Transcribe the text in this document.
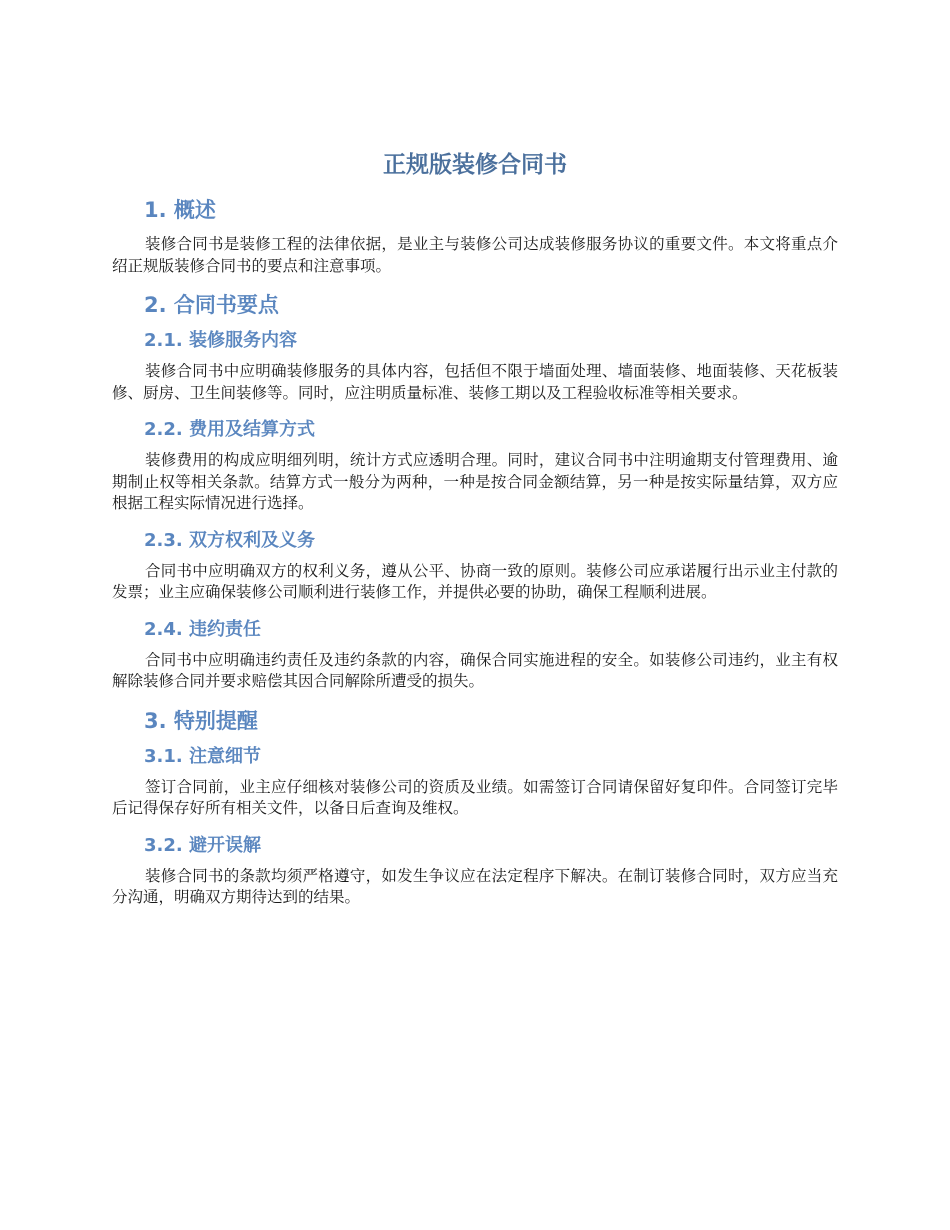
正规版装修合同书
1. 概述

装修合同书是装修工程的法律依据，是业主与装修公司达成装修服务协议的重要文件。本文将重点介绍正规版装修合同书的要点和注意事项。

2. 合同书要点
2.1. 装修服务内容

装修合同书中应明确装修服务的具体内容，包括但不限于墙面处理、墙面装修、地面装修、天花板装修、厨房、卫生间装修等。同时，应注明质量标准、装修工期以及工程验收标准等相关要求。

2.2. 费用及结算方式

装修费用的构成应明细列明，统计方式应透明合理。同时，建议合同书中注明逾期支付管理费用、逾期制止权等相关条款。结算方式一般分为两种，一种是按合同金额结算，另一种是按实际量结算，双方应根据工程实际情况进行选择。

2.3. 双方权利及义务

合同书中应明确双方的权利义务，遵从公平、协商一致的原则。装修公司应承诺履行出示业主付款的发票；业主应确保装修公司顺利进行装修工作，并提供必要的协助，确保工程顺利进展。

2.4. 违约责任

合同书中应明确违约责任及违约条款的内容，确保合同实施进程的安全。如装修公司违约，业主有权解除装修合同并要求赔偿其因合同解除所遭受的损失。

3. 特别提醒
3.1. 注意细节

签订合同前，业主应仔细核对装修公司的资质及业绩。如需签订合同请保留好复印件。合同签订完毕后记得保存好所有相关文件，以备日后查询及维权。

3.2. 避开误解

装修合同书的条款均须严格遵守，如发生争议应在法定程序下解决。在制订装修合同时，双方应当充分沟通，明确双方期待达到的结果。
